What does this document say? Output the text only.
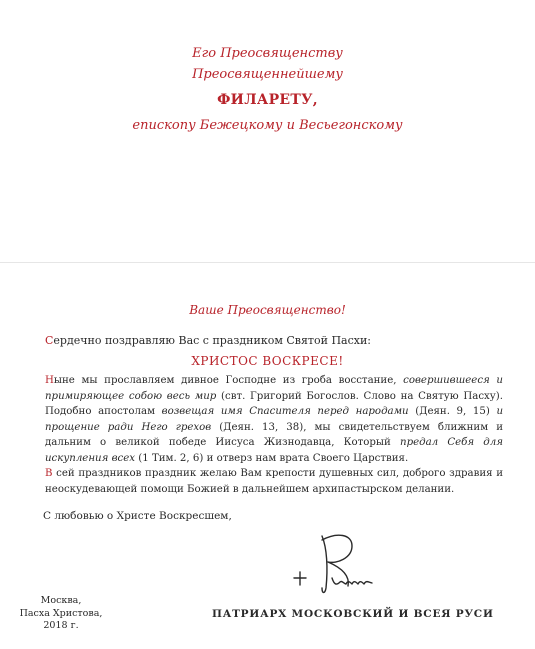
Его Преосвященству
Преосвященнейшему
ФИЛАРЕТУ,
епископу Бежецкому и Весьегонскому
Ваше Преосвященство!
Сердечно поздравляю Вас с праздником Святой Пасхи:
ХРИСТОС ВОСКРЕСЕ!

Ныне мы прославляем дивное Господне из гроба восстание, совершившееся и примиряющее собою весь мир (свт. Григорий Богослов. Слово на Святую Пасху). Подобно апостолам возвещая имя Спасителя перед народами (Деян. 9, 15) и прощение ради Него грехов (Деян. 13, 38), мы свидетельствуем ближним и дальним о великой победе Иисуса Жизнодавца, Который предал Себя для искупления всех (1 Тим. 2, 6) и отверз нам врата Своего Царствия.

В сей праздников праздник желаю Вам крепости душевных сил, доброго здравия и неоскудевающей помощи Божией в дальнейшем архипастырском делании.

С любовью о Христе Воскресшем,
Москва,
Пасха Христова,
2018 г.
ПАТРИАРХ МОСКОВСКИЙ И ВСЕЯ РУСИ
